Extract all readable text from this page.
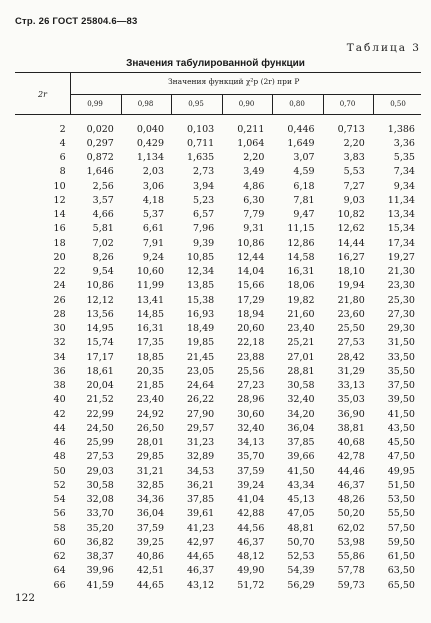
Стр. 26 ГОСТ 25804.6—83
Таблица 3
Значения табулированной функции
2r
Значения функций χ²p (2r) при P
0,99	0,98	0,95	0,90	0,80	0,70	0,50
2	0,020	0,040	0,103	0,211	0,446	0,713	1,386
4	0,297	0,429	0,711	1,064	1,649	2,20	3,36
6	0,872	1,134	1,635	2,20	3,07	3,83	5,35
8	1,646	2,03	2,73	3,49	4,59	5,53	7,34
10	2,56	3,06	3,94	4,86	6,18	7,27	9,34
12	3,57	4,18	5,23	6,30	7,81	9,03	11,34
14	4,66	5,37	6,57	7,79	9,47	10,82	13,34
16	5,81	6,61	7,96	9,31	11,15	12,62	15,34
18	7,02	7,91	9,39	10,86	12,86	14,44	17,34
20	8,26	9,24	10,85	12,44	14,58	16,27	19,27
22	9,54	10,60	12,34	14,04	16,31	18,10	21,30
24	10,86	11,99	13,85	15,66	18,06	19,94	23,30
26	12,12	13,41	15,38	17,29	19,82	21,80	25,30
28	13,56	14,85	16,93	18,94	21,60	23,60	27,30
30	14,95	16,31	18,49	20,60	23,40	25,50	29,30
32	15,74	17,35	19,85	22,18	25,21	27,53	31,50
34	17,17	18,85	21,45	23,88	27,01	28,42	33,50
36	18,61	20,35	23,05	25,56	28,81	31,29	35,50
38	20,04	21,85	24,64	27,23	30,58	33,13	37,50
40	21,52	23,40	26,22	28,96	32,40	35,03	39,50
42	22,99	24,92	27,90	30,60	34,20	36,90	41,50
44	24,50	26,50	29,57	32,40	36,04	38,81	43,50
46	25,99	28,01	31,23	34,13	37,85	40,68	45,50
48	27,53	29,85	32,89	35,70	39,66	42,78	47,50
50	29,03	31,21	34,53	37,59	41,50	44,46	49,95
52	30,58	32,85	36,21	39,24	43,34	46,37	51,50
54	32,08	34,36	37,85	41,04	45,13	48,26	53,50
56	33,70	36,04	39,61	42,88	47,05	50,20	55,50
58	35,20	37,59	41,23	44,56	48,81	62,02	57,50
60	36,82	39,25	42,97	46,37	50,70	53,98	59,50
62	38,37	40,86	44,65	48,12	52,53	55,86	61,50
64	39,96	42,51	46,37	49,90	54,39	57,78	63,50
66	41,59	44,65	43,12	51,72	56,29	59,73	65,50
122
